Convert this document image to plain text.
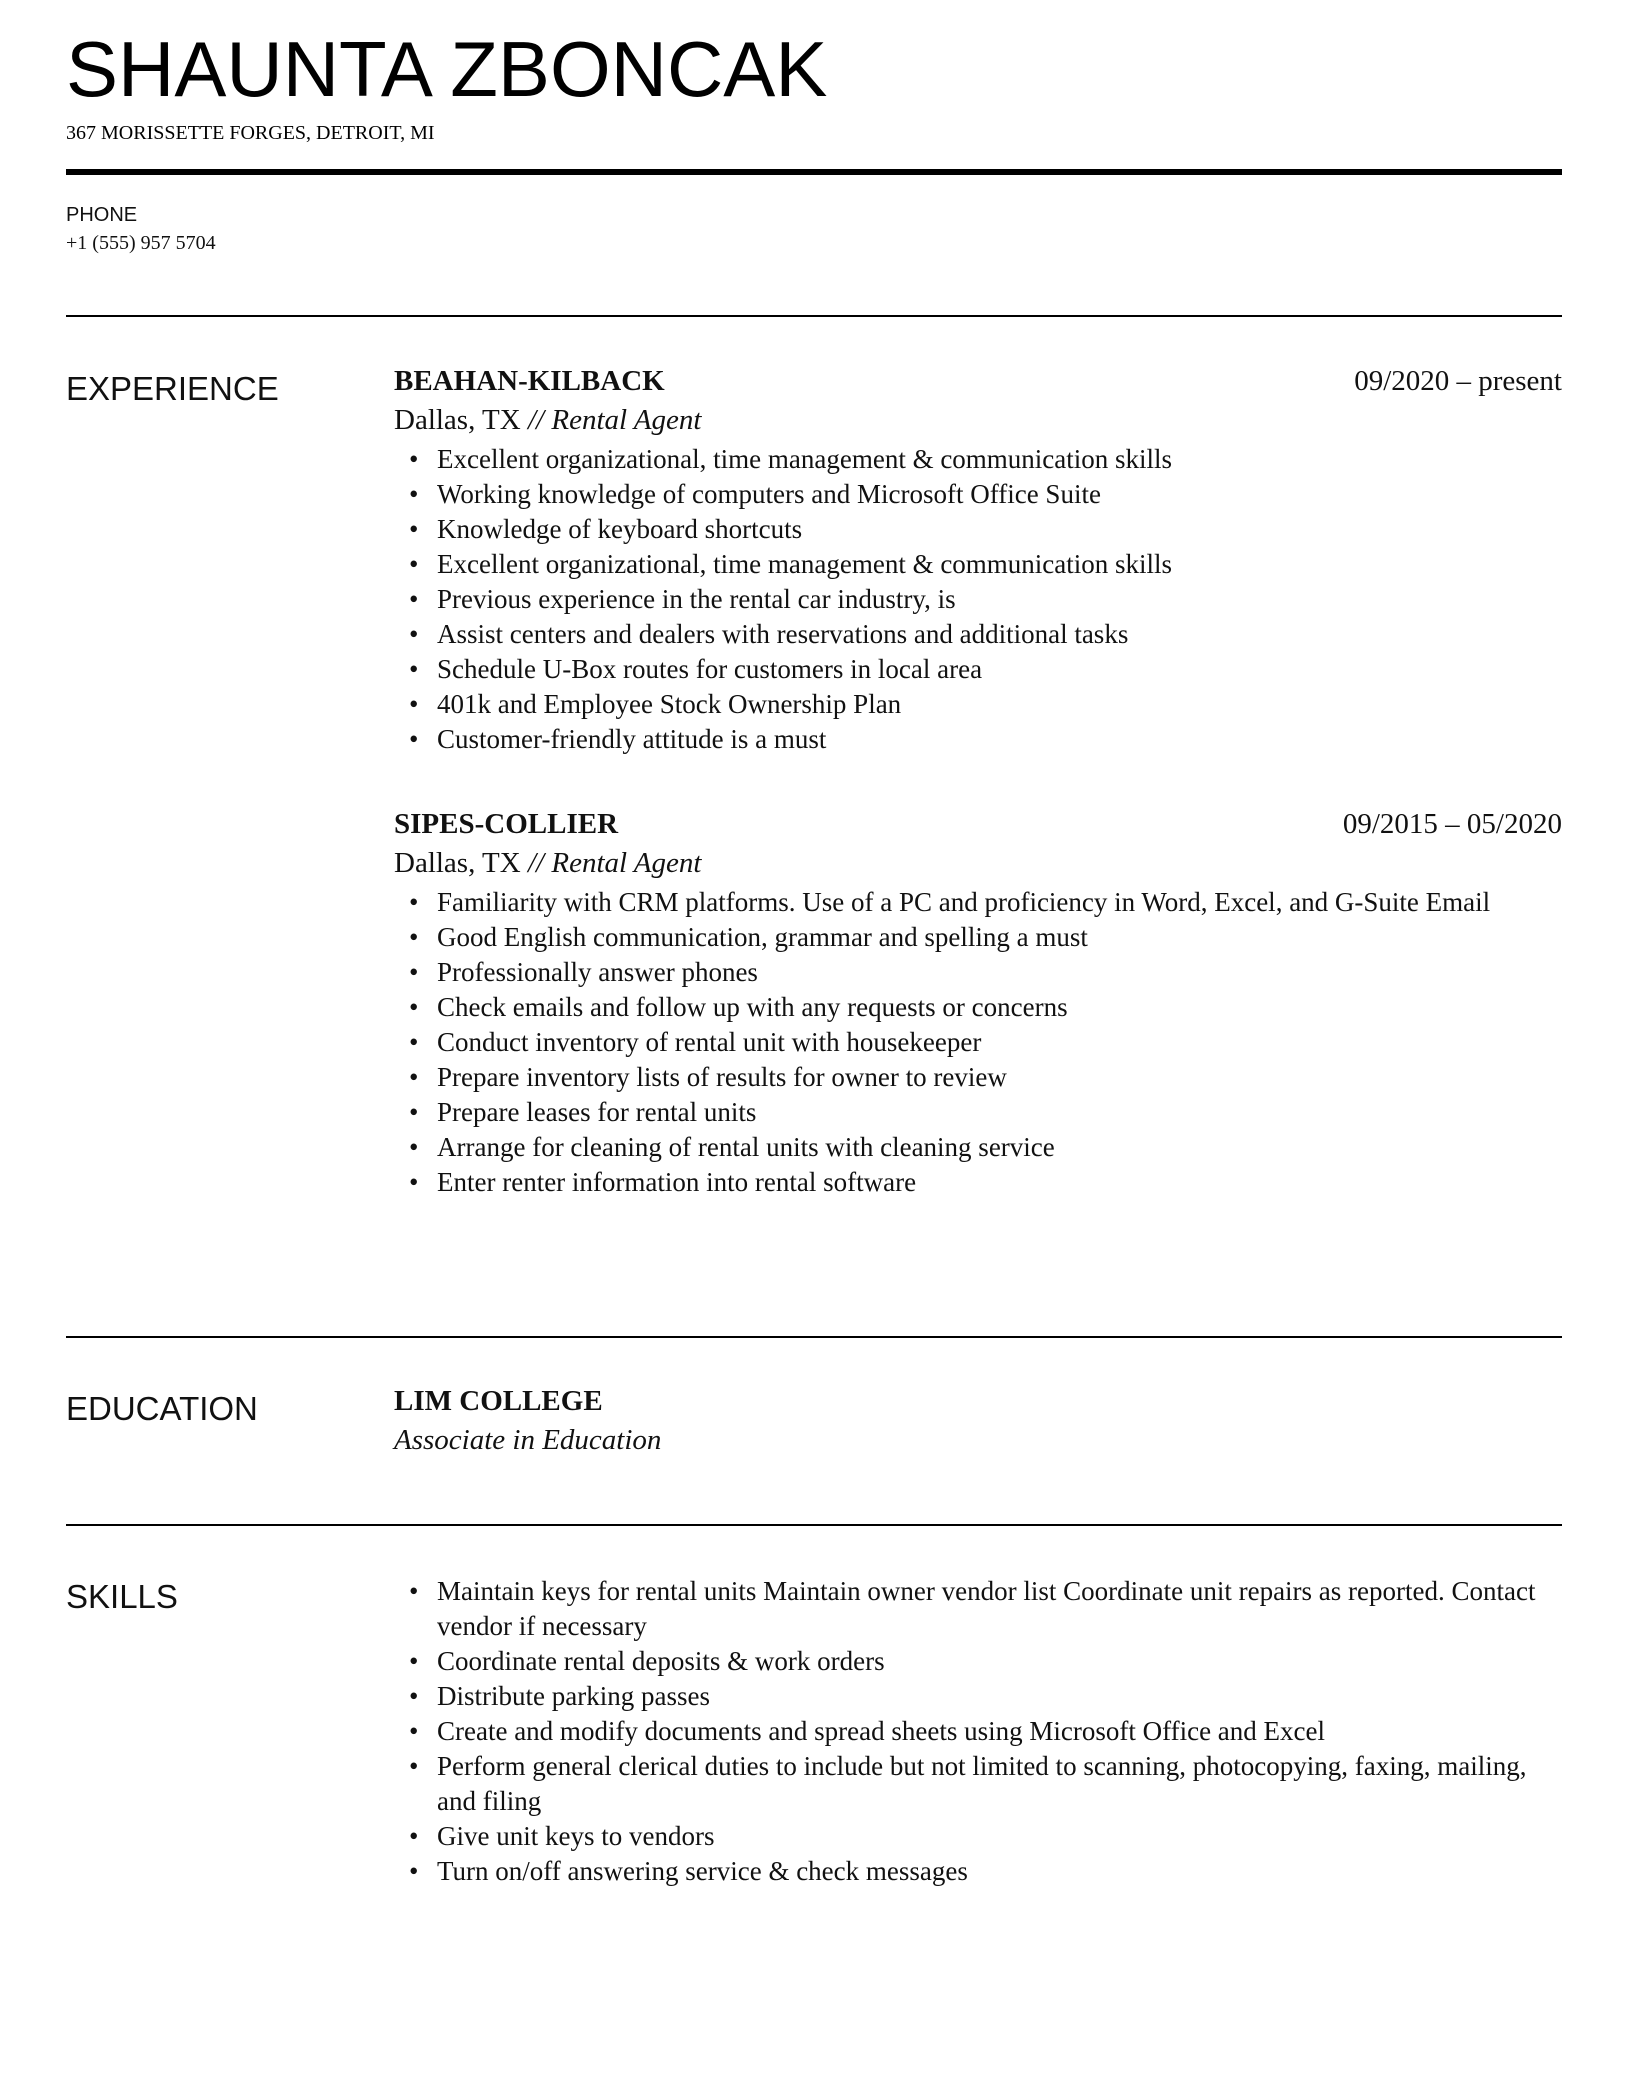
SHAUNTA ZBONCAK
367 MORISSETTE FORGES, DETROIT, MI
PHONE
+1 (555) 957 5704
EXPERIENCE	BEAHAN-KILBACK	09/2020 – present
Dallas, TX // Rental Agent
• Excellent organizational, time management & communication skills
• Working knowledge of computers and Microsoft Office Suite
• Knowledge of keyboard shortcuts
• Excellent organizational, time management & communication skills
• Previous experience in the rental car industry, is
• Assist centers and dealers with reservations and additional tasks
• Schedule U-Box routes for customers in local area
• 401k and Employee Stock Ownership Plan
• Customer-friendly attitude is a must
SIPES-COLLIER	09/2015 – 05/2020
Dallas, TX // Rental Agent
• Familiarity with CRM platforms. Use of a PC and proficiency in Word, Excel, and G-Suite Email
• Good English communication, grammar and spelling a must
• Professionally answer phones
• Check emails and follow up with any requests or concerns
• Conduct inventory of rental unit with housekeeper
• Prepare inventory lists of results for owner to review
• Prepare leases for rental units
• Arrange for cleaning of rental units with cleaning service
• Enter renter information into rental software
EDUCATION	LIM COLLEGE
Associate in Education
SKILLS
•	Maintain keys for rental units Maintain owner vendor list Coordinate unit repairs as reported. Contact vendor if necessary
• Coordinate rental deposits & work orders
• Distribute parking passes
• Create and modify documents and spread sheets using Microsoft Office and Excel
• Perform general clerical duties to include but not limited to scanning, photocopying, faxing, mailing, and filing
• Give unit keys to vendors
• Turn on/off answering service & check messages
